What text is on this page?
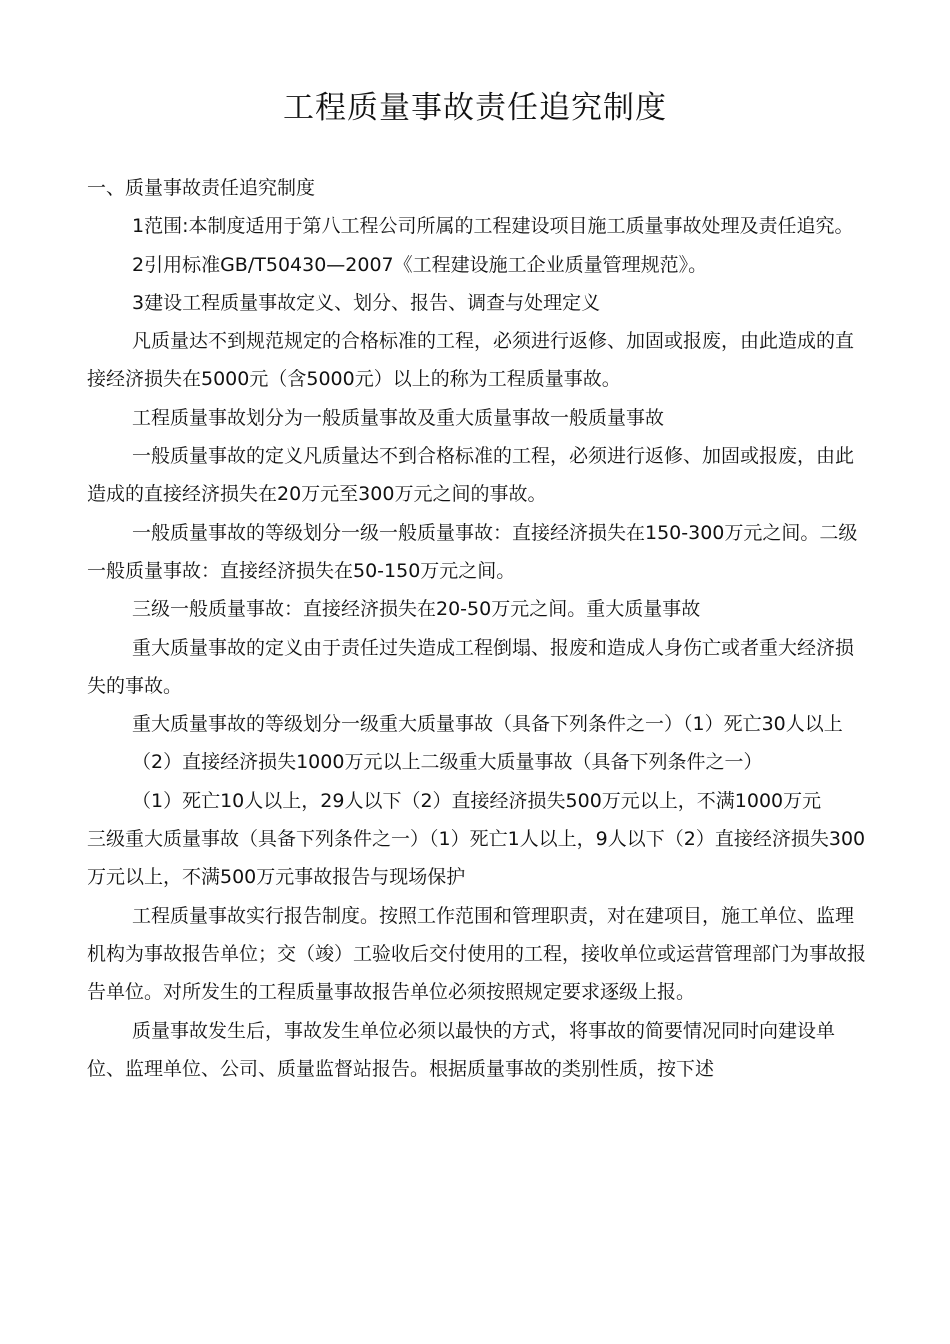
工程质量事故责任追究制度

一、质量事故责任追究制度

1范围:本制度适用于第八工程公司所属的工程建设项目施工质量事故处理及责任追究。

2引用标准GB/T50430—2007《工程建设施工企业质量管理规范》。

3建设工程质量事故定义、划分、报告、调查与处理定义

凡质量达不到规范规定的合格标准的工程，必须进行返修、加固或报废，由此造成的直接经济损失在5000元（含5000元）以上的称为工程质量事故。

工程质量事故划分为一般质量事故及重大质量事故一般质量事故

一般质量事故的定义凡质量达不到合格标准的工程，必须进行返修、加固或报废，由此造成的直接经济损失在20万元至300万元之间的事故。

一般质量事故的等级划分一级一般质量事故：直接经济损失在150-300万元之间。二级一般质量事故：直接经济损失在50-150万元之间。

三级一般质量事故：直接经济损失在20-50万元之间。重大质量事故

重大质量事故的定义由于责任过失造成工程倒塌、报废和造成人身伤亡或者重大经济损失的事故。

重大质量事故的等级划分一级重大质量事故（具备下列条件之一）（1）死亡30人以上

（2）直接经济损失1000万元以上二级重大质量事故（具备下列条件之一）

（1）死亡10人以上，29人以下（2）直接经济损失500万元以上，不满1000万元

三级重大质量事故（具备下列条件之一）（1）死亡1人以上，9人以下（2）直接经济损失300万元以上，不满500万元事故报告与现场保护

工程质量事故实行报告制度。按照工作范围和管理职责，对在建项目，施工单位、监理机构为事故报告单位；交（竣）工验收后交付使用的工程，接收单位或运营管理部门为事故报告单位。对所发生的工程质量事故报告单位必须按照规定要求逐级上报。

质量事故发生后，事故发生单位必须以最快的方式，将事故的简要情况同时向建设单位、监理单位、公司、质量监督站报告。根据质量事故的类别性质，按下述
